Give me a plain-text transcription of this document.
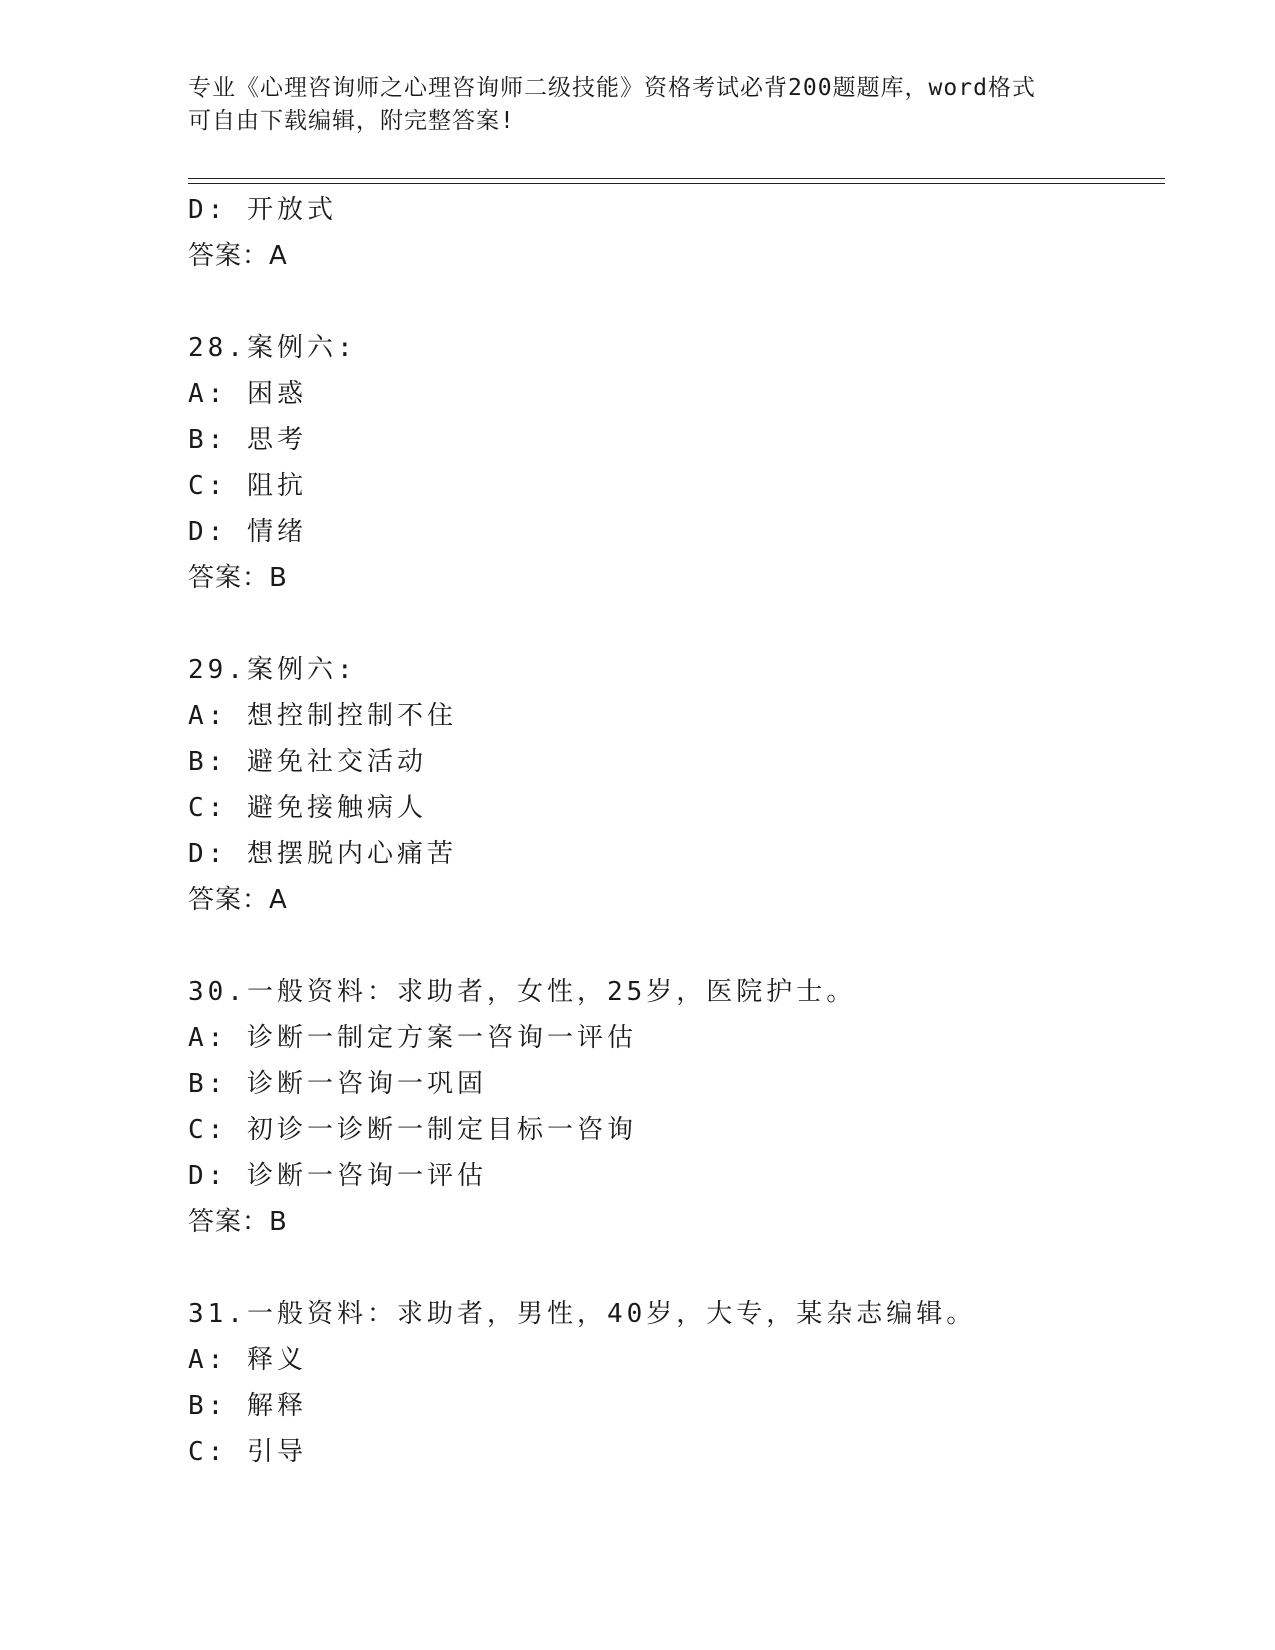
专业《心理咨询师之心理咨询师二级技能》资格考试必背200题题库，word格式
可自由下载编辑，附完整答案!
D: 开放式
答案：A
28.案例六:
A: 困惑
B: 思考
C: 阻抗
D: 情绪
答案：B
29.案例六:
A: 想控制控制不住
B: 避免社交活动
C: 避免接触病人
D: 想摆脱内心痛苦
答案：A
30.一般资料：求助者，女性，25岁，医院护士。
A: 诊断一制定方案一咨询一评估
B: 诊断一咨询一巩固
C: 初诊一诊断一制定目标一咨询
D: 诊断一咨询一评估
答案：B
31.一般资料：求助者，男性，40岁，大专，某杂志编辑。
A: 释义
B: 解释
C: 引导
